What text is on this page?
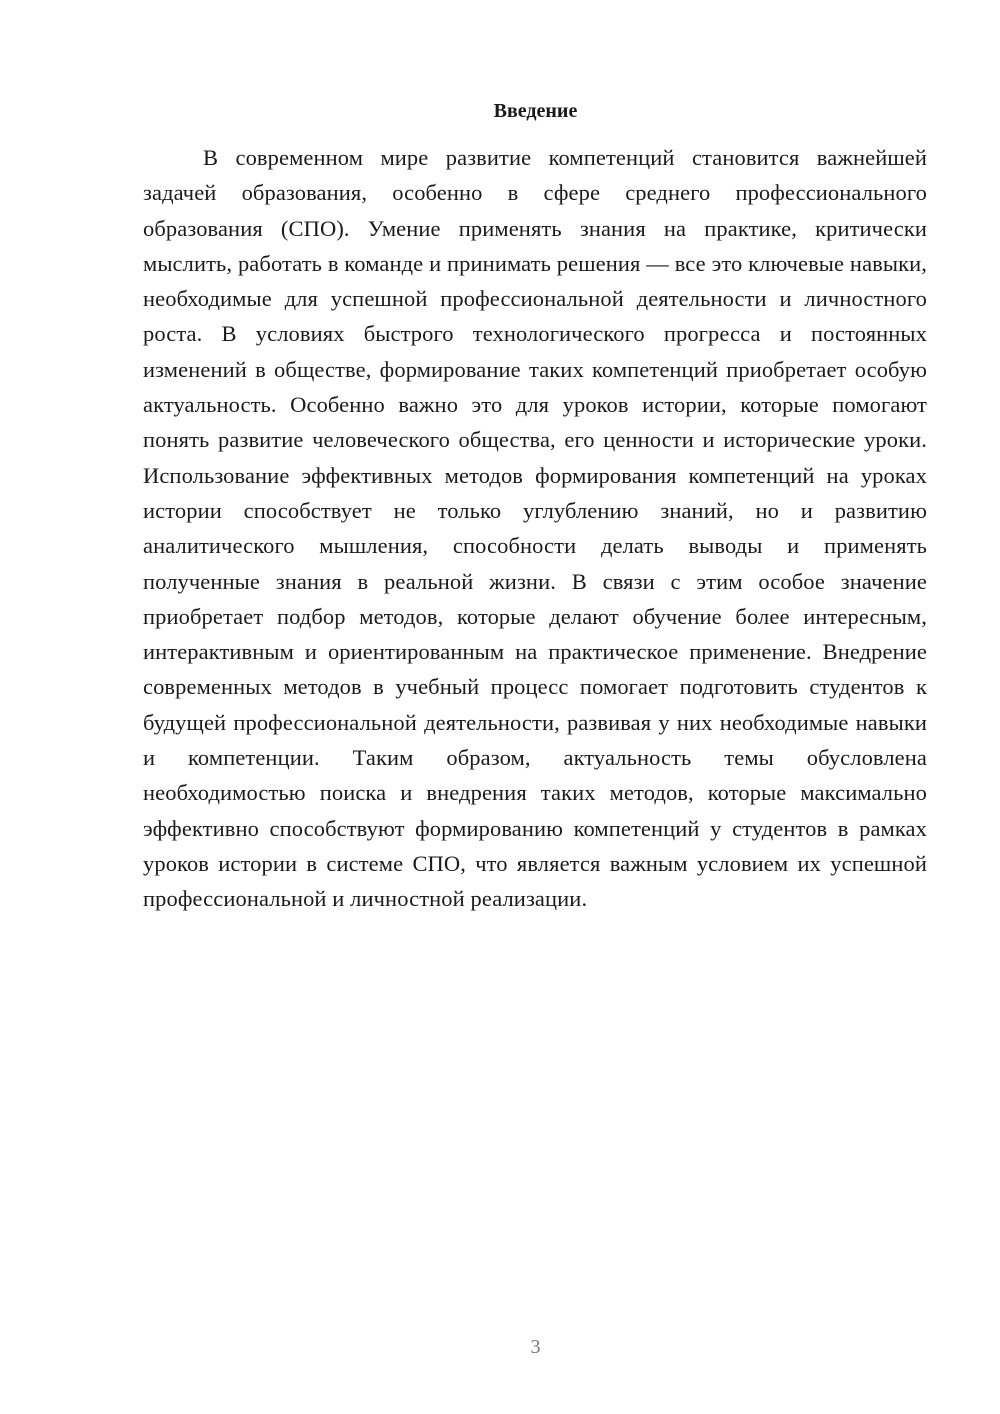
Введение

В современном мире развитие компетенций становится важнейшей задачей образования, особенно в сфере среднего профессионального образования (СПО). Умение применять знания на практике, критически мыслить, работать в команде и принимать решения — все это ключевые навыки, необходимые для успешной профессиональной деятельности и личностного роста. В условиях быстрого технологического прогресса и постоянных изменений в обществе, формирование таких компетенций приобретает особую актуальность. Особенно важно это для уроков истории, которые помогают понять развитие человеческого общества, его ценности и исторические уроки. Использование эффективных методов формирования компетенций на уроках истории способствует не только углублению знаний, но и развитию аналитического мышления, способности делать выводы и применять полученные знания в реальной жизни. В связи с этим особое значение приобретает подбор методов, которые делают обучение более интересным, интерактивным и ориентированным на практическое применение. Внедрение современных методов в учебный процесс помогает подготовить студентов к будущей профессиональной деятельности, развивая у них необходимые навыки и компетенции. Таким образом, актуальность темы обусловлена необходимостью поиска и внедрения таких методов, которые максимально эффективно способствуют формированию компетенций у студентов в рамках уроков истории в системе СПО, что является важным условием их успешной профессиональной и личностной реализации.

3
